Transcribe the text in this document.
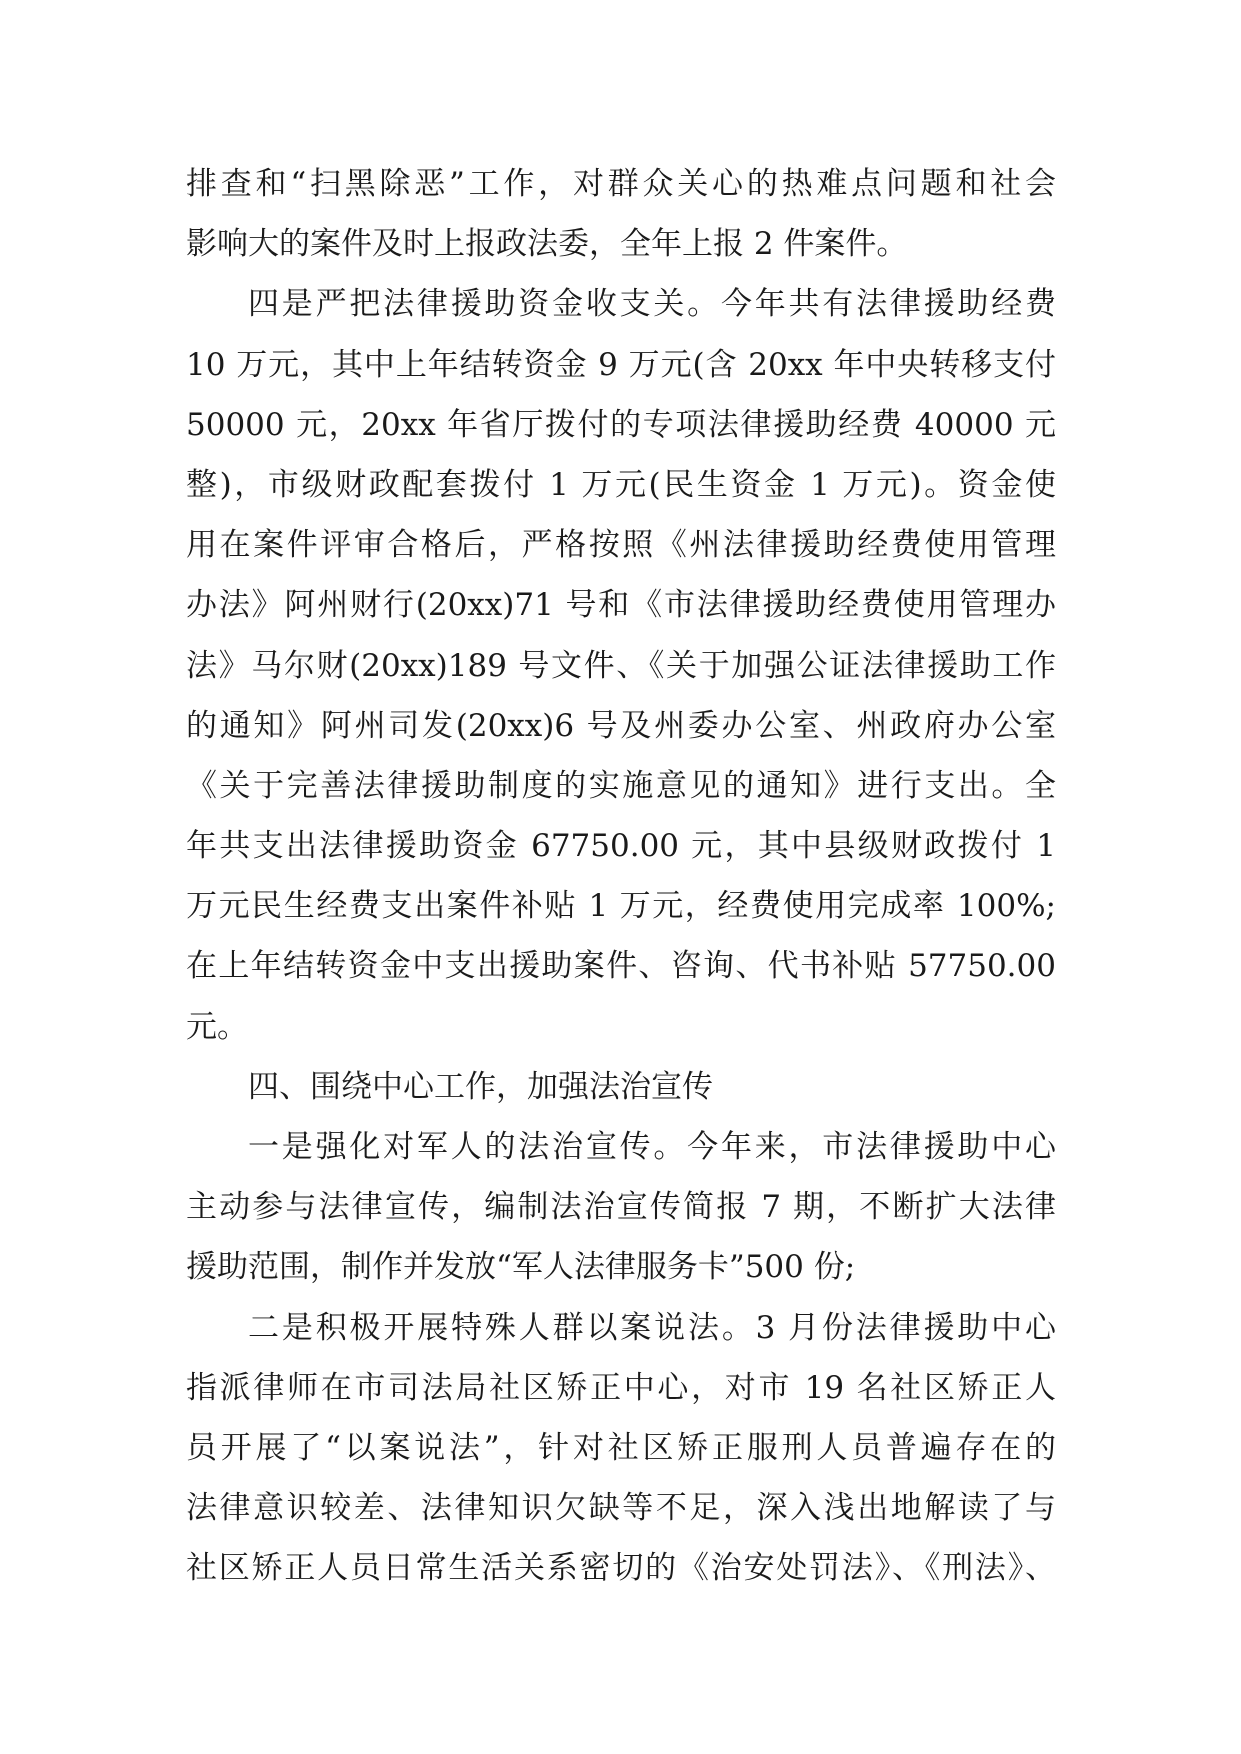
排查和“扫黑除恶”工作，对群众关心的热难点问题和社会
影响大的案件及时上报政法委，全年上报 2 件案件。
四是严把法律援助资金收支关。今年共有法律援助经费
10 万元，其中上年结转资金 9 万元(含 20xx 年中央转移支付
50000 元，20xx 年省厅拨付的专项法律援助经费 40000 元
整)，市级财政配套拨付 1 万元(民生资金 1 万元)。资金使
用在案件评审合格后，严格按照《州法律援助经费使用管理
办法》阿州财行(20xx)71 号和《市法律援助经费使用管理办
法》马尔财(20xx)189 号文件、《关于加强公证法律援助工作
的通知》阿州司发(20xx)6 号及州委办公室、州政府办公室
《关于完善法律援助制度的实施意见的通知》进行支出。全
年共支出法律援助资金 67750.00 元，其中县级财政拨付 1
万元民生经费支出案件补贴 1 万元，经费使用完成率 100%;
在上年结转资金中支出援助案件、咨询、代书补贴 57750.00
元。
四、围绕中心工作，加强法治宣传
一是强化对军人的法治宣传。今年来，市法律援助中心
主动参与法律宣传，编制法治宣传简报 7 期，不断扩大法律
援助范围，制作并发放“军人法律服务卡”500 份;
二是积极开展特殊人群以案说法。3 月份法律援助中心
指派律师在市司法局社区矫正中心，对市 19 名社区矫正人
员开展了“以案说法”，针对社区矫正服刑人员普遍存在的
法律意识较差、法律知识欠缺等不足，深入浅出地解读了与
社区矫正人员日常生活关系密切的《治安处罚法》、《刑法》、
